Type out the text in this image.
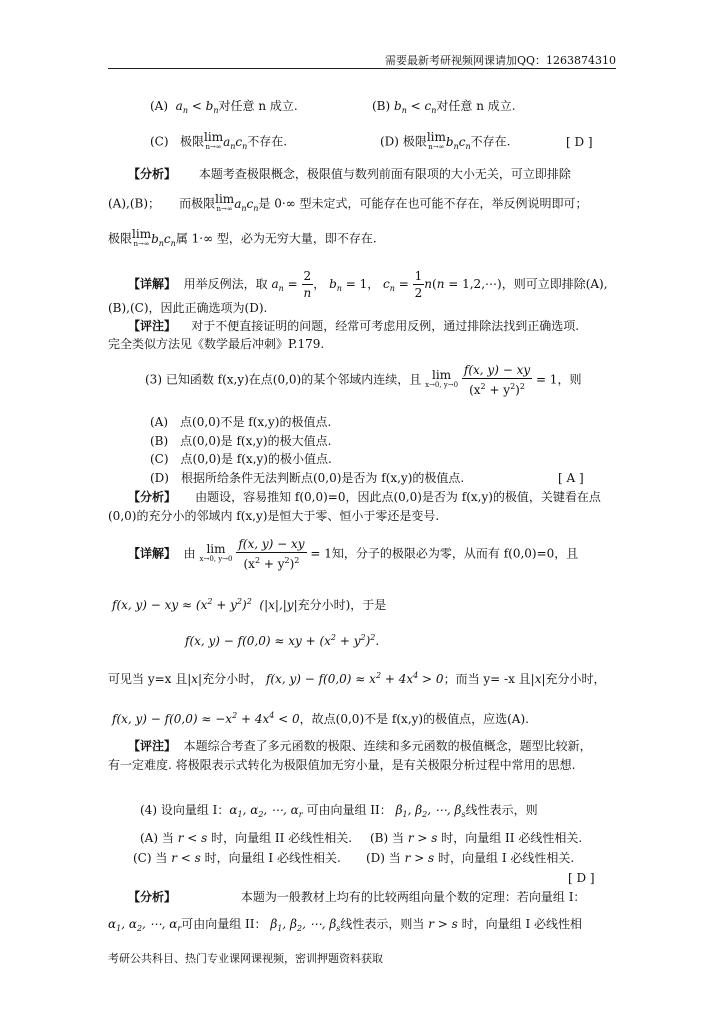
需要最新考研视频网课请加QQ：1263874310
(A) $a_n < b_n$对任意 n 成立.	(B) $b_n < c_n$对任意 n 成立.
(C) 极限 lim
n→∞ $a_nc_n$不存在.	(D) 极限 lim
n→∞ $b_nc_n$不存在.	[ D ]
【分析】 本题考查极限概念，极限值与数列前面有限项的大小无关，可立即排除
(A),(B)； 而极限 lim
n→∞ $a_nc_n$是 0·∞ 型未定式，可能存在也可能不存在，举反例说明即可；
极限 lim
n→∞ $b_nc_n$属 1·∞ 型，必为无穷大量，即不存在.
【详解】 用举反例法，取 $a_n = \frac{2}{n}$ ， $b_n = 1$， $c_n = \frac{1}{2} n(n$ = 1,2,⋯)，则可立即排除(A),
(B),(C)，因此正确选项为(D).
【评注】 对于不便直接证明的问题，经常可考虑用反例，通过排除法找到正确选项.
完全类似方法见《数学最后冲刺》P.179.
(3) 已知函数 f(x,y)在点(0,0)的某个邻域内连续，且 lim
x→0, y→0
$\frac{f(x, y) - xy}{(x^2 + y^2)^2} = 1$，则
(A)　点(0,0)不是 f(x,y)的极值点.
(B)　点(0,0)是 f(x,y)的极大值点.
(C)　点(0,0)是 f(x,y)的极小值点.
(D)　根据所给条件无法判断点(0,0)是否为 f(x,y)的极值点.	[ A ]
【分析】 由题设，容易推知 f(0,0)=0，因此点(0,0)是否为 f(x,y)的极值，关键看在点
(0,0)的充分小的邻域内 f(x,y)是恒大于零、恒小于零还是变号.
【详解】 由 lim
x→0, y→0
$\frac{f(x, y) - xy}{(x^2 + y^2)^2} = 1$知，分子的极限必为零，从而有 f(0,0)=0，且
f(x, y) − xy ≈ $(x^2 + y^2)^2$  (|x|,|y|充分小时)，于是
f(x, y) − f(0,0) ≈ xy + $(x^2 + y^2)^2$.
可见当 y=x 且|x|充分小时， f(x, $y) - f(0,0) \approx x^2 + 4x^4 > 0$；而当 y= -x 且|x|充分小时，
f(x, $y) - f(0,0) \approx -x^2 + 4x^4 < 0$，故点(0,0)不是 f(x,y)的极值点，应选(A).
【评注】 本题综合考查了多元函数的极限、连续和多元函数的极值概念，题型比较新，
有一定难度. 将极限表示式转化为极限值加无穷小量，是有关极限分析过程中常用的思想.
(4) 设向量组 I：$\alpha_1$, $\alpha_2$, ⋯, $\alpha_r$ 可由向量组 II： $\beta_1$, $\beta_2$, ⋯, $\beta_s$线性表示，则
(A) 当 r < s 时，向量组 II 必线性相关. (B) 当 r > s 时，向量组 II 必线性相关.
(C) 当 r < s 时，向量组 I 必线性相关. (D) 当 r > s 时，向量组 I 必线性相关.
[ D ]
【分析】	本题为一般教材上均有的比较两组向量个数的定理：若向量组 I：
$\alpha_1$, $\alpha_2$, ⋯, $\alpha_r$可由向量组 II： $\beta_1$, $\beta_2$, ⋯, $\beta_s$线性表示，则当 r > s 时，向量组 I 必线性相
考研公共科目、热门专业课网课视频，密训押题资料获取
